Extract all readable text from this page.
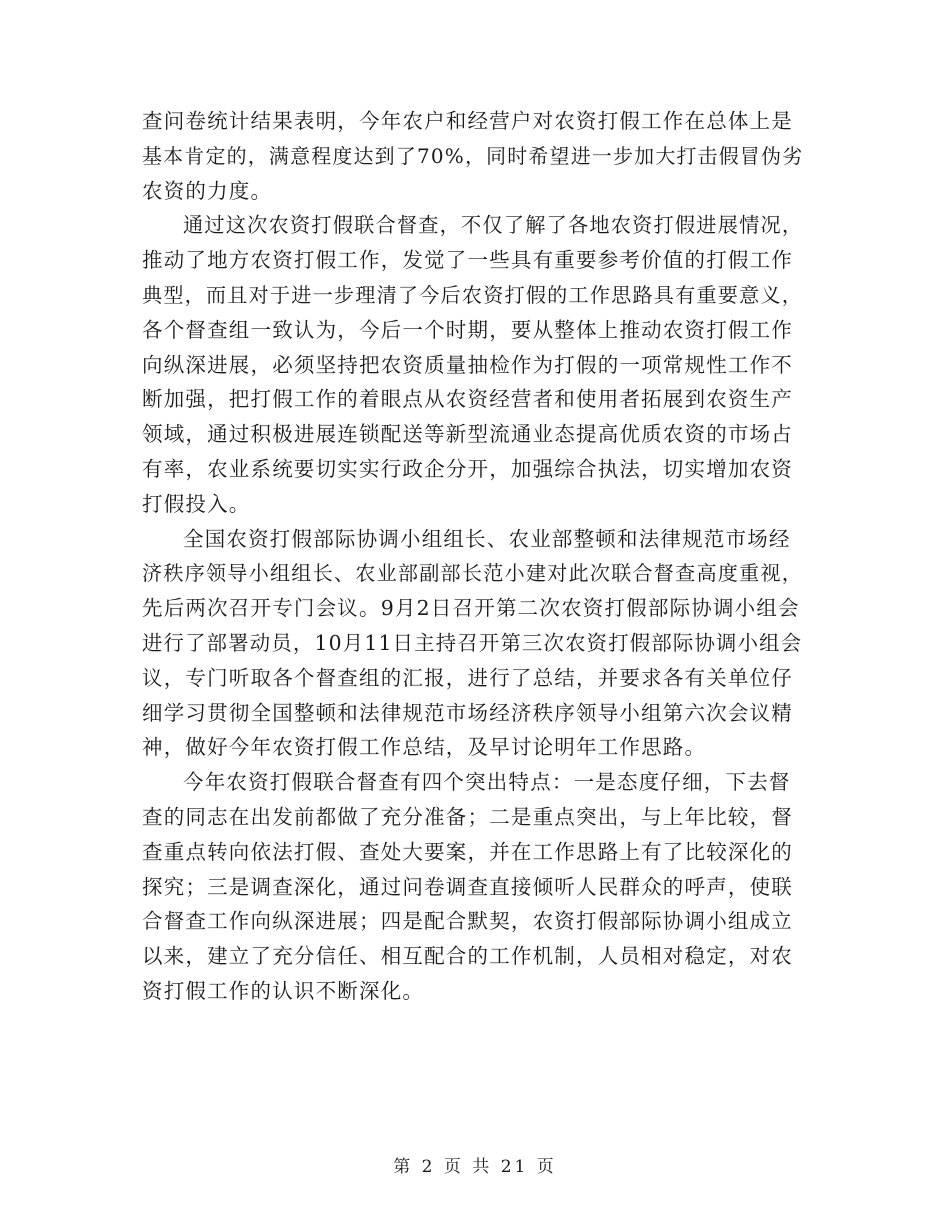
查问卷统计结果表明，今年农户和经营户对农资打假工作在总体上是
基本肯定的，满意程度达到了70%，同时希望进一步加大打击假冒伪劣
农资的力度。
通过这次农资打假联合督查，不仅了解了各地农资打假进展情况，
推动了地方农资打假工作，发觉了一些具有重要参考价值的打假工作
典型，而且对于进一步理清了今后农资打假的工作思路具有重要意义，
各个督查组一致认为，今后一个时期，要从整体上推动农资打假工作
向纵深进展，必须坚持把农资质量抽检作为打假的一项常规性工作不
断加强，把打假工作的着眼点从农资经营者和使用者拓展到农资生产
领域，通过积极进展连锁配送等新型流通业态提高优质农资的市场占
有率，农业系统要切实实行政企分开，加强综合执法，切实增加农资
打假投入。
全国农资打假部际协调小组组长、农业部整顿和法律规范市场经
济秩序领导小组组长、农业部副部长范小建对此次联合督查高度重视，
先后两次召开专门会议。9月2日召开第二次农资打假部际协调小组会
进行了部署动员，10月11日主持召开第三次农资打假部际协调小组会
议，专门听取各个督查组的汇报，进行了总结，并要求各有关单位仔
细学习贯彻全国整顿和法律规范市场经济秩序领导小组第六次会议精
神，做好今年农资打假工作总结，及早讨论明年工作思路。
今年农资打假联合督查有四个突出特点：一是态度仔细，下去督
查的同志在出发前都做了充分准备；二是重点突出，与上年比较，督
查重点转向依法打假、查处大要案，并在工作思路上有了比较深化的
探究；三是调查深化，通过问卷调查直接倾听人民群众的呼声，使联
合督查工作向纵深进展；四是配合默契，农资打假部际协调小组成立
以来，建立了充分信任、相互配合的工作机制，人员相对稳定，对农
资打假工作的认识不断深化。
第 2 页 共 21 页
